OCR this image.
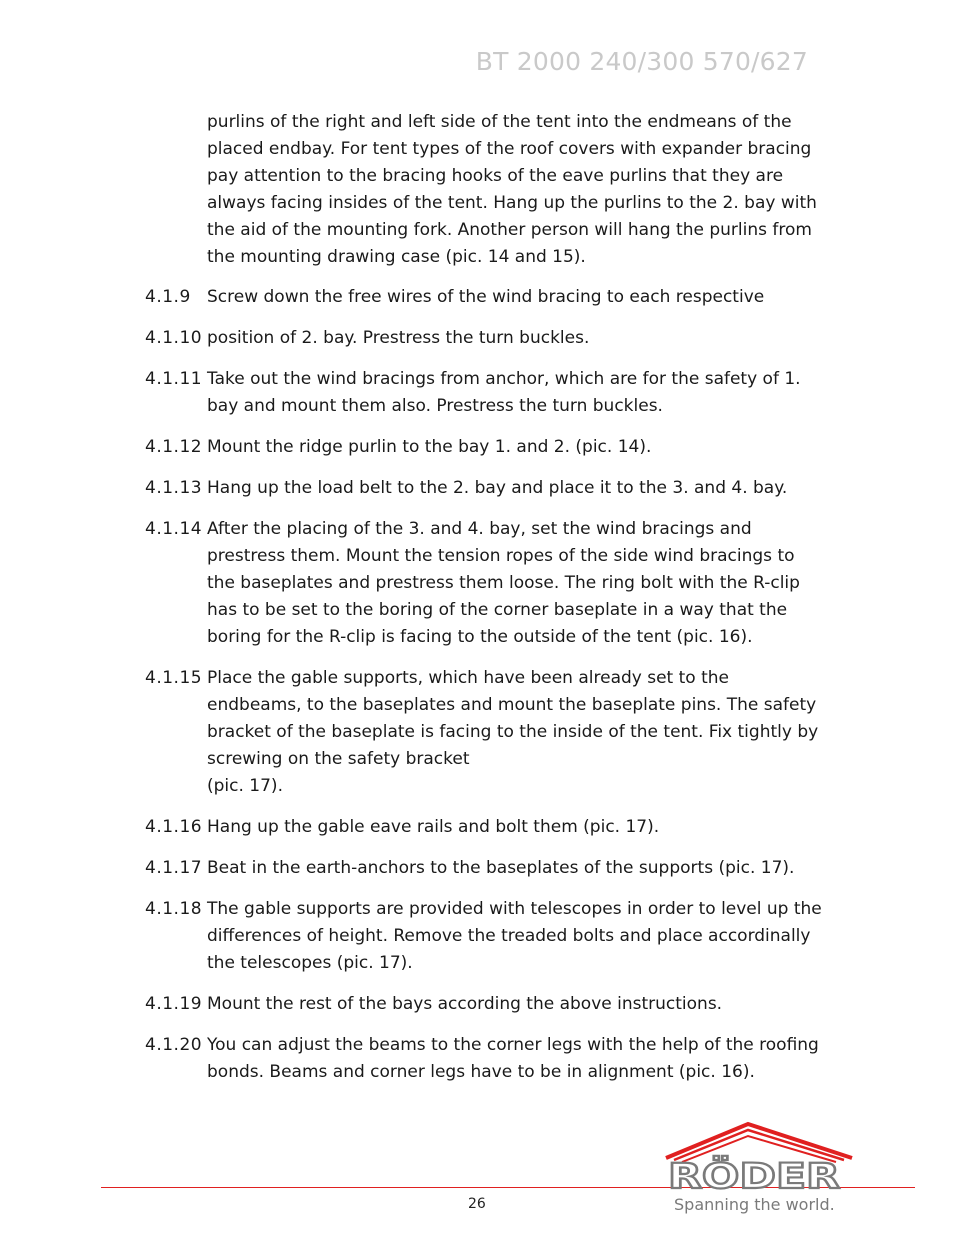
BT 2000 240/300 570/627

purlins of the right and left side of the tent into the endmeans of the placed endbay. For tent types of the roof covers with expander bracing pay attention to the bracing hooks of the eave purlins that they are always facing insides of the tent. Hang up the purlins to the 2. bay with the aid of the mounting fork. Another person will hang the purlins from the mounting drawing case (pic. 14 and 15).

4.1.9 Screw down the free wires of the wind bracing to each respective
4.1.10 position of 2. bay. Prestress the turn buckles.
4.1.11 Take out the wind bracings from anchor, which are for the safety of 1. bay and mount them also. Prestress the turn buckles.
4.1.12 Mount the ridge purlin to the bay 1. and 2. (pic. 14).
4.1.13 Hang up the load belt to the 2. bay and place it to the 3. and 4. bay.
4.1.14 After the placing of the 3. and 4. bay, set the wind bracings and prestress them. Mount the tension ropes of the side wind bracings to the baseplates and prestress them loose. The ring bolt with the R-clip has to be set to the boring of the corner baseplate in a way that the boring for the R-clip is facing to the outside of the tent (pic. 16).
4.1.15 Place the gable supports, which have been already set to the endbeams, to the baseplates and mount the baseplate pins. The safety bracket of the baseplate is facing to the inside of the tent. Fix tightly by screwing on the safety bracket
(pic. 17).
4.1.16 Hang up the gable eave rails and bolt them (pic. 17).
4.1.17 Beat in the earth-anchors to the baseplates of the supports (pic. 17).
4.1.18 The gable supports are provided with telescopes in order to level up the differences of height. Remove the treaded bolts and place accordinally the telescopes (pic. 17).
4.1.19 Mount the rest of the bays according the above instructions.
4.1.20 You can adjust the beams to the corner legs with the help of the roofing bonds. Beams and corner legs have to be in alignment (pic. 16).
26
RÖDER
Spanning the world.
